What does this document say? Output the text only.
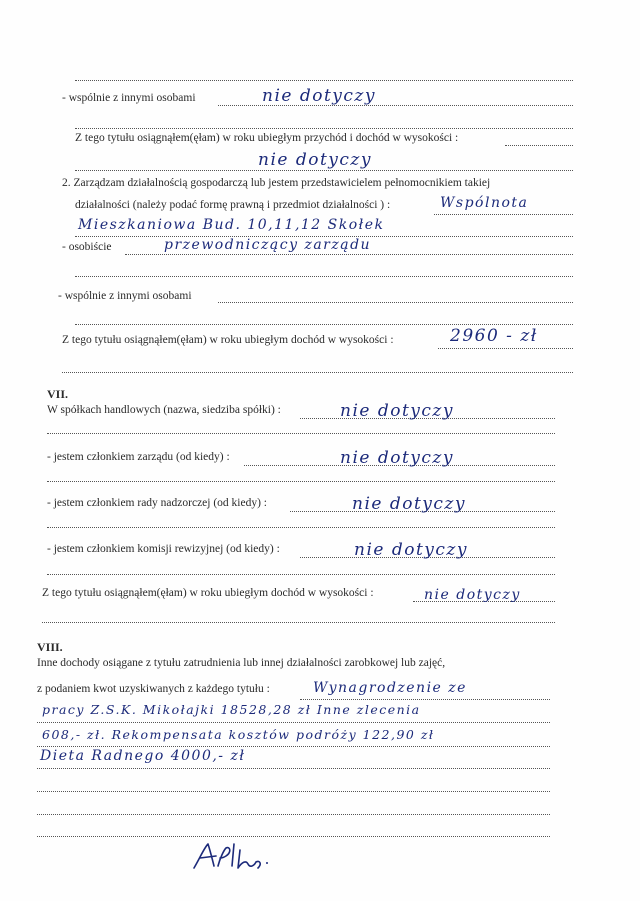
- wspólnie z innymi osobami	nie dotyczy
Z tego tytułu osiągnąłem(ęłam) w roku ubiegłym przychód i dochód w wysokości :
nie dotyczy
2. Zarządzam działalnością gospodarczą lub jestem przedstawicielem pełnomocnikiem takiej
działalności (należy podać formę prawną i przedmiot działalności ) :	Wspólnota
Mieszkaniowa Bud. 10,11,12 Skołek
- osobiście	przewodniczący zarządu
- wspólnie z innymi osobami
Z tego tytułu osiągnąłem(ęłam) w roku ubiegłym dochód w wysokości :	2960 - zł
VII.
W spółkach handlowych (nazwa, siedziba spółki) :	nie dotyczy
- jestem członkiem zarządu (od kiedy) :	nie dotyczy
- jestem członkiem rady nadzorczej (od kiedy) :	nie dotyczy
- jestem członkiem komisji rewizyjnej (od kiedy) :	nie dotyczy
Z tego tytułu osiągnąłem(ęłam) w roku ubiegłym dochód w wysokości :	nie dotyczy
VIII.
Inne dochody osiągane z tytułu zatrudnienia lub innej działalności zarobkowej lub zajęć,
z podaniem kwot uzyskiwanych z każdego tytułu :	Wynagrodzenie ze
pracy Z.S.K. Mikołajki 18528,28 zł Inne zlecenia
608,- zł. Rekompensata kosztów podróży 122,90 zł
Dieta Radnego 4000,- zł
